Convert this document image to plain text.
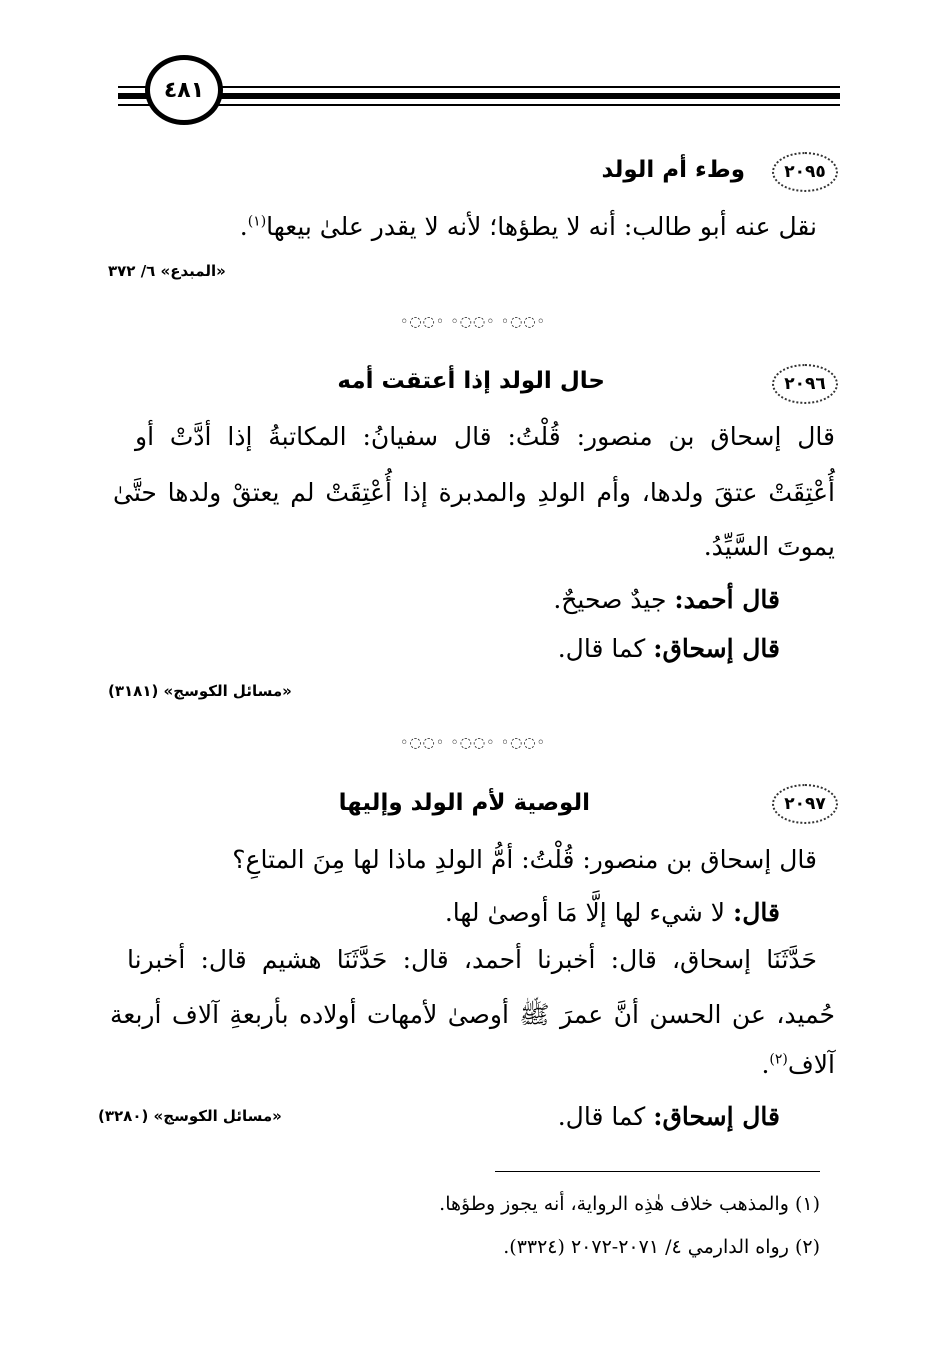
٤٨١
٢٠٩٥
وطء أم الولد
نقل عنه أبو طالب: أنه لا يطؤها؛ لأنه لا يقدر علىٰ بيعها$^{(١)}$.
«المبدع» ٦/ ٣٧٢
◦◌◌◦ ◦◌◌◦ ◦◌◌◦
٢٠٩٦
حال الولد إذا أعتقت أمه
قال إسحاق بن منصور: قُلْتُ: قال سفيانُ: المكاتبةُ إذا أدَّتْ أو
أُعْتِقَتْ عتقَ ولدها، وأم الولدِ والمدبرة إذا أُعْتِقَتْ لم يعتقْ ولدها حتَّىٰ
يموتَ السَّيِّدُ.
قال أحمد: جيدٌ صحيحٌ.
قال إسحاق: كما قال.
«مسائل الكوسج» (٣١٨١)
◦◌◌◦ ◦◌◌◦ ◦◌◌◦
٢٠٩٧
الوصية لأم الولد وإليها
قال إسحاق بن منصور: قُلْتُ: أمُّ الولدِ ماذا لها مِنَ المتاعِ؟
قال: لا شيء لها إلَّا مَا أوصىٰ لها.
حَدَّثَنَا إسحاق، قال: أخبرنا أحمد، قال: حَدَّثَنَا هشيم قال: أخبرنا
حُميد، عن الحسن أنَّ عمرَ ﷺ أوصىٰ لأمهات أولاده بأربعةِ آلاف أربعة
آلاف$^{(٢)}$.
قال إسحاق: كما قال.
«مسائل الكوسج» (٣٢٨٠)
(١) والمذهب خلاف هٰذِه الرواية، أنه يجوز وطؤها.
(٢) رواه الدارمي ٤/ ٢٠٧١-٢٠٧٢ (٣٣٢٤).
